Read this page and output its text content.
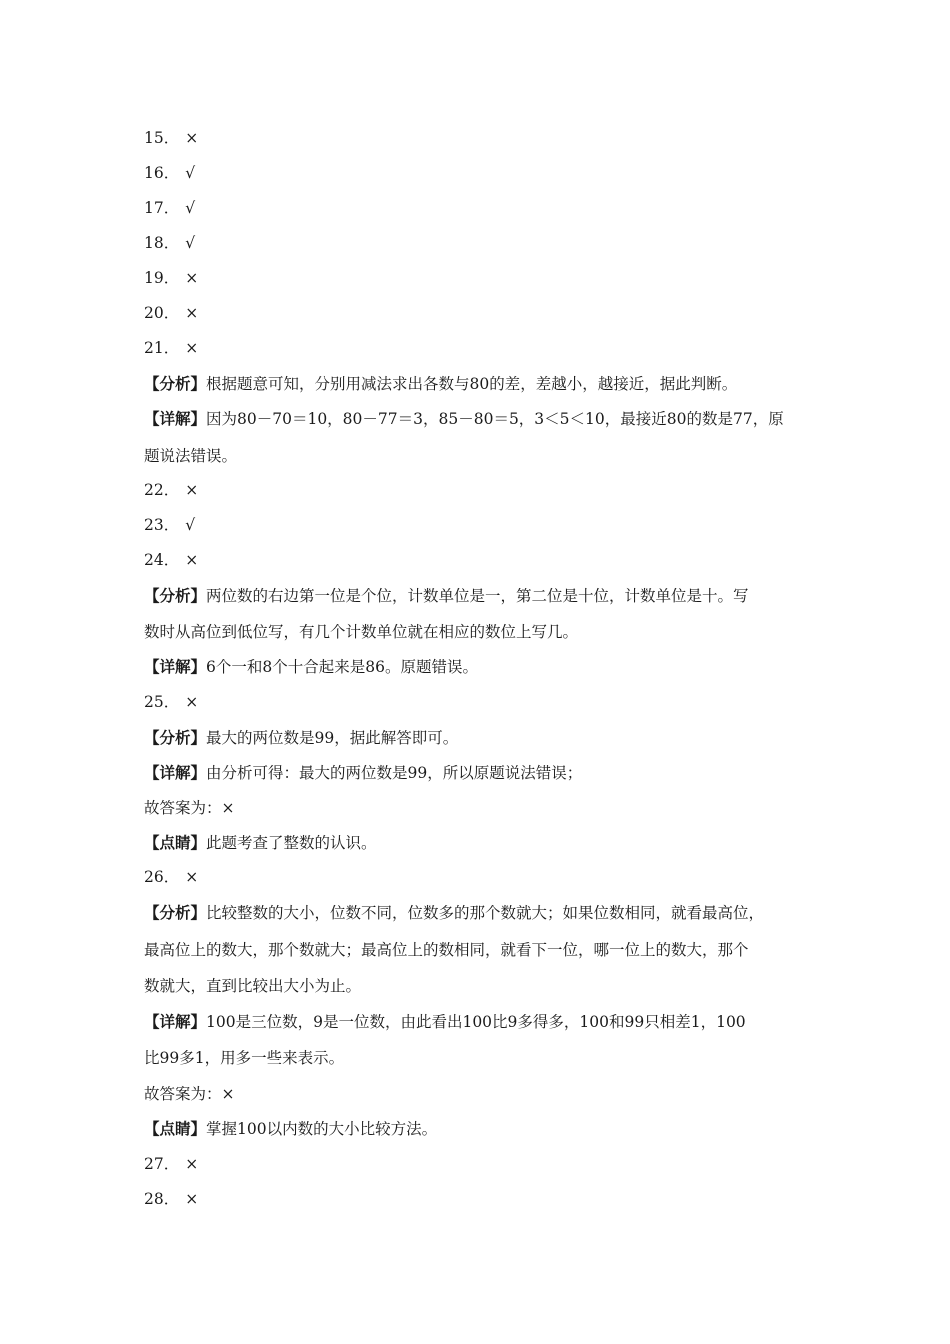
15． ×
16． √
17． √
18． √
19． ×
20． ×
21． ×
【分析】根据题意可知，分别用减法求出各数与80的差，差越小，越接近，据此判断。
【详解】因为80－70＝10，80－77＝3，85－80＝5，3＜5＜10，最接近80的数是77，原
题说法错误。
22． ×
23． √
24． ×
【分析】两位数的右边第一位是个位，计数单位是一，第二位是十位，计数单位是十。写
数时从高位到低位写，有几个计数单位就在相应的数位上写几。
【详解】6个一和8个十合起来是86。原题错误。
25． ×
【分析】最大的两位数是99，据此解答即可。
【详解】由分析可得：最大的两位数是99，所以原题说法错误；
故答案为：×
【点睛】此题考查了整数的认识。
26． ×
【分析】比较整数的大小，位数不同，位数多的那个数就大；如果位数相同，就看最高位，
最高位上的数大，那个数就大；最高位上的数相同，就看下一位，哪一位上的数大，那个
数就大，直到比较出大小为止。
【详解】100是三位数，9是一位数，由此看出100比9多得多，100和99只相差1，100
比99多1，用多一些来表示。
故答案为：×
【点睛】掌握100以内数的大小比较方法。
27． ×
28． ×
